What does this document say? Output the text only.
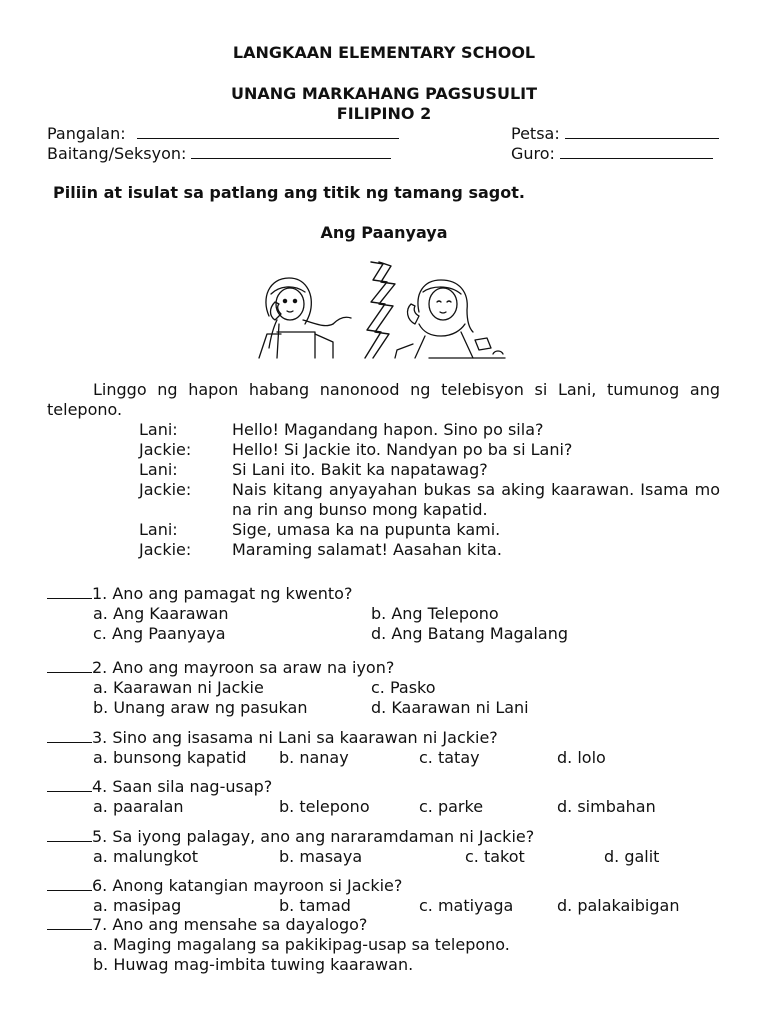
LANGKAAN ELEMENTARY SCHOOL
UNANG MARKAHANG PAGSUSULIT
FILIPINO 2
Pangalan:	Petsa:
Baitang/Seksyon:	Guro:
Piliin at isulat sa patlang ang titik ng tamang sagot.
Ang Paanyaya
Linggo ng hapon habang nanonood ng telebisyon si Lani, tumunog ang telepono.
Lani:	Hello! Magandang hapon. Sino po sila?
Jackie:	Hello! Si Jackie ito. Nandyan po ba si Lani?
Lani:	Si Lani ito. Bakit ka napatawag?
Jackie:	Nais kitang anyayahan bukas sa aking kaarawan. Isama mo na rin ang bunso mong kapatid.
Lani:	Sige, umasa ka na pupunta kami.
Jackie:	Maraming salamat! Aasahan kita.
1. Ano ang pamagat ng kwento?
a. Ang Kaarawan	b. Ang Telepono
c. Ang Paanyaya	d. Ang Batang Magalang
2. Ano ang mayroon sa araw na iyon?
a. Kaarawan ni Jackie	c. Pasko
b. Unang araw ng pasukan	d. Kaarawan ni Lani
3. Sino ang isasama ni Lani sa kaarawan ni Jackie?
a. bunsong kapatid b. nanay	c. tatay	d. lolo
4. Saan sila nag-usap?
a. paaralan	b. telepono	c. parke	d. simbahan
5. Sa iyong palagay, ano ang nararamdaman ni Jackie?
a. malungkot	b. masaya	c. takot	d. galit
6. Anong katangian mayroon si Jackie?
a. masipag	b. tamad	c. matiyaga	d. palakaibigan
7. Ano ang mensahe sa dayalogo?
a. Maging magalang sa pakikipag-usap sa telepono.
b. Huwag mag-imbita tuwing kaarawan.
